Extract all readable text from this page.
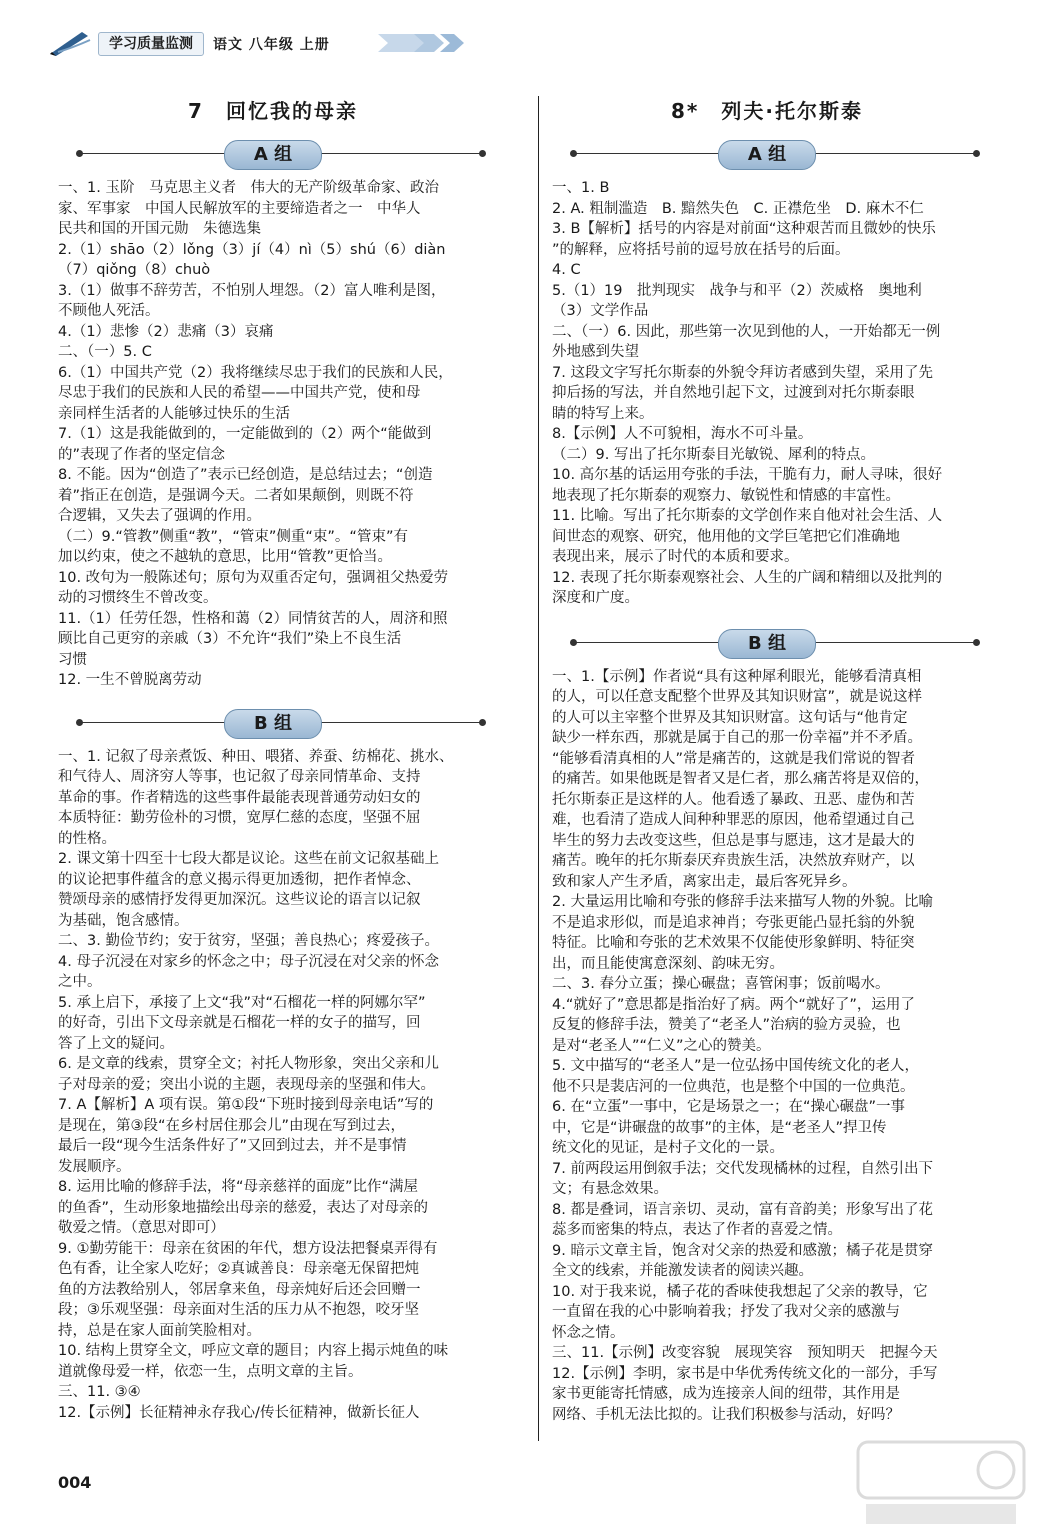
学习质量监测	语文 八年级 上册
7　回忆我的母亲
A 组

一、1. 玉阶　马克思主义者　伟大的无产阶级革命家、政治

家、军事家　中国人民解放军的主要缔造者之一　中华人

民共和国的开国元勋　朱德选集

2.（1）shāo（2）lǒng（3）jí（4）nì（5）shú（6）diàn

（7）qiǒng（8）chuò

3.（1）做事不辞劳苦，不怕别人埋怨。（2）富人唯利是图，

不顾他人死活。

4.（1）悲惨（2）悲痛（3）哀痛

二、（一）5. C

6.（1）中国共产党（2）我将继续尽忠于我们的民族和人民，

尽忠于我们的民族和人民的希望——中国共产党，使和母

亲同样生活者的人能够过快乐的生活

7.（1）这是我能做到的，一定能做到的（2）两个“能做到

的”表现了作者的坚定信念

8. 不能。因为“创造了”表示已经创造，是总结过去；“创造

着”指正在创造，是强调今天。二者如果颠倒，则既不符

合逻辑，又失去了强调的作用。

（二）9.“管教”侧重“教”，“管束”侧重“束”。“管束”有

加以约束，使之不越轨的意思，比用“管教”更恰当。

10. 改句为一般陈述句；原句为双重否定句，强调祖父热爱劳

动的习惯终生不曾改变。

11.（1）任劳任怨，性格和蔼（2）同情贫苦的人，周济和照

顾比自己更穷的亲戚（3）不允许“我们”染上不良生活

习惯

12. 一生不曾脱离劳动

B 组

一、1. 记叙了母亲煮饭、种田、喂猪、养蚕、纺棉花、挑水、

和气待人、周济穷人等事，也记叙了母亲同情革命、支持

革命的事。作者精选的这些事件最能表现普通劳动妇女的

本质特征：勤劳俭朴的习惯，宽厚仁慈的态度，坚强不屈

的性格。

2. 课文第十四至十七段大都是议论。这些在前文记叙基础上

的议论把事件蕴含的意义揭示得更加透彻，把作者悼念、

赞颂母亲的感情抒发得更加深沉。这些议论的语言以记叙

为基础，饱含感情。

二、3. 勤俭节约；安于贫穷，坚强；善良热心；疼爱孩子。

4. 母子沉浸在对家乡的怀念之中；母子沉浸在对父亲的怀念

之中。

5. 承上启下，承接了上文“我”对“石榴花一样的阿娜尔罕”

的好奇，引出下文母亲就是石榴花一样的女子的描写，回

答了上文的疑问。

6. 是文章的线索，贯穿全文；衬托人物形象，突出父亲和儿

子对母亲的爱；突出小说的主题，表现母亲的坚强和伟大。

7. A【解析】A 项有误。第①段“下班时接到母亲电话”写的

是现在，第③段“在乡村居住那会儿”由现在写到过去，

最后一段“现今生活条件好了”又回到过去，并不是事情

发展顺序。

8. 运用比喻的修辞手法，将“母亲慈祥的面庞”比作“满屋

的鱼香”，生动形象地描绘出母亲的慈爱，表达了对母亲的

敬爱之情。（意思对即可）

9. ①勤劳能干：母亲在贫困的年代，想方设法把餐桌弄得有

色有香，让全家人吃好；②真诚善良：母亲毫无保留把炖

鱼的方法教给别人，邻居拿来鱼，母亲炖好后还会回赠一

段；③乐观坚强：母亲面对生活的压力从不抱怨，咬牙坚

持，总是在家人面前笑脸相对。

10. 结构上贯穿全文，呼应文章的题目；内容上揭示炖鱼的味

道就像母爱一样，依恋一生，点明文章的主旨。

三、11. ③④

12.【示例】长征精神永存我心/传长征精神，做新长征人

8*　列夫·托尔斯泰
A 组

一、1. B

2. A. 粗制滥造　B. 黯然失色　C. 正襟危坐　D. 麻木不仁

3. B【解析】括号的内容是对前面“这种艰苦而且微妙的快乐

”的解释，应将括号前的逗号放在括号的后面。

4. C

5.（1）19　批判现实　战争与和平（2）茨威格　奥地利

（3）文学作品

二、（一）6. 因此，那些第一次见到他的人，一开始都无一例

外地感到失望

7. 这段文字写托尔斯泰的外貌令拜访者感到失望，采用了先

抑后扬的写法，并自然地引起下文，过渡到对托尔斯泰眼

睛的特写上来。

8.【示例】人不可貌相，海水不可斗量。

（二）9. 写出了托尔斯泰目光敏锐、犀利的特点。

10. 高尔基的话运用夸张的手法，干脆有力，耐人寻味，很好

地表现了托尔斯泰的观察力、敏锐性和情感的丰富性。

11. 比喻。写出了托尔斯泰的文学创作来自他对社会生活、人

间世态的观察、研究，他用他的文学巨笔把它们准确地

表现出来，展示了时代的本质和要求。

12. 表现了托尔斯泰观察社会、人生的广阔和精细以及批判的

深度和广度。

B 组

一、1.【示例】作者说“具有这种犀利眼光，能够看清真相

的人，可以任意支配整个世界及其知识财富”，就是说这样

的人可以主宰整个世界及其知识财富。这句话与“他肯定

缺少一样东西，那就是属于自己的那一份幸福”并不矛盾。

“能够看清真相的人”常是痛苦的，这就是我们常说的智者

的痛苦。如果他既是智者又是仁者，那么痛苦将是双倍的，

托尔斯泰正是这样的人。他看透了暴政、丑恶、虚伪和苦

难，也看清了造成人间种种罪恶的原因，他希望通过自己

毕生的努力去改变这些，但总是事与愿违，这才是最大的

痛苦。晚年的托尔斯泰厌弃贵族生活，决然放弃财产，以

致和家人产生矛盾，离家出走，最后客死异乡。

2. 大量运用比喻和夸张的修辞手法来描写人物的外貌。比喻

不是追求形似，而是追求神肖；夸张更能凸显托翁的外貌

特征。比喻和夸张的艺术效果不仅能使形象鲜明、特征突

出，而且能使寓意深刻、韵味无穷。

二、3. 春分立蛋；操心碾盘；喜管闲事；饭前喝水。

4.“就好了”意思都是指治好了病。两个“就好了”，运用了

反复的修辞手法，赞美了“老圣人”治病的验方灵验，也

是对“老圣人”“仁义”之心的赞美。

5. 文中描写的“老圣人”是一位弘扬中国传统文化的老人，

他不只是裴店河的一位典范，也是整个中国的一位典范。

6. 在“立蛋”一事中，它是场景之一；在“操心碾盘”一事

中，它是“讲碾盘的故事”的主体，是“老圣人”捍卫传

统文化的见证，是村子文化的一景。

7. 前两段运用倒叙手法；交代发现橘林的过程，自然引出下

文；有悬念效果。

8. 都是叠词，语言亲切、灵动，富有音韵美；形象写出了花

蕊多而密集的特点，表达了作者的喜爱之情。

9. 暗示文章主旨，饱含对父亲的热爱和感激；橘子花是贯穿

全文的线索，并能激发读者的阅读兴趣。

10. 对于我来说，橘子花的香味使我想起了父亲的教导，它

一直留在我的心中影响着我；抒发了我对父亲的感激与

怀念之情。

三、11.【示例】改变容貌　展现笑容　预知明天　把握今天

12.【示例】李明，家书是中华优秀传统文化的一部分，手写

家书更能寄托情感，成为连接亲人间的纽带，其作用是

网络、手机无法比拟的。让我们积极参与活动，好吗？

004
